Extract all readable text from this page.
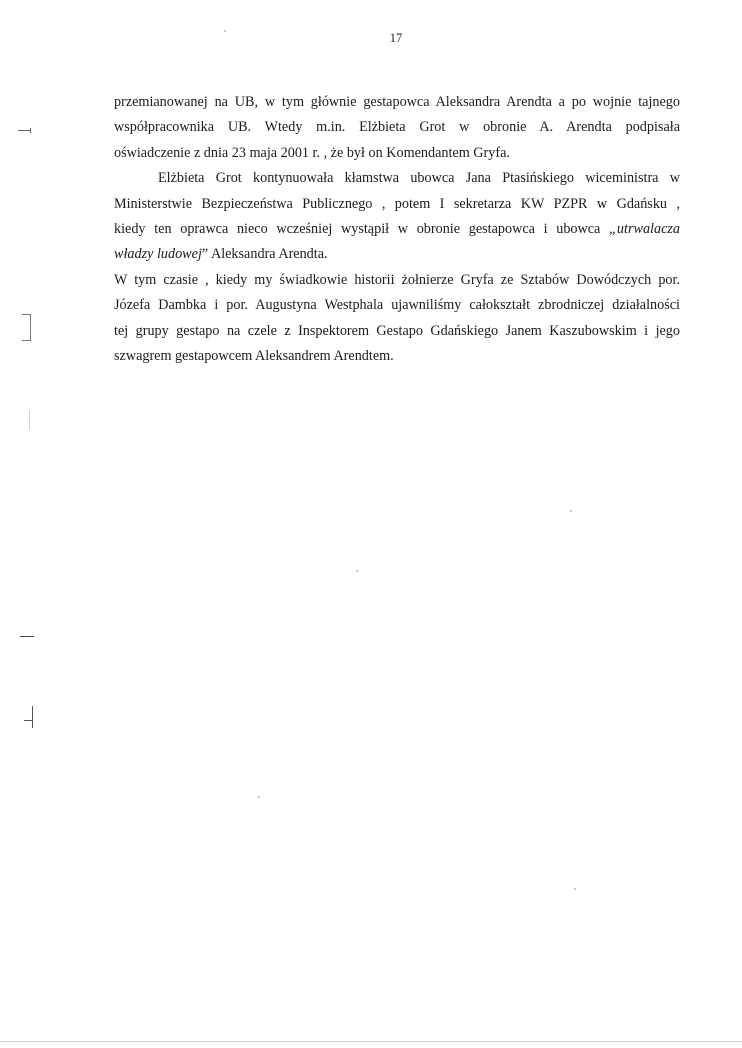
17
przemianowanej na UB, w tym głównie gestapowca Aleksandra Arendta a po wojnie tajnego
współpracownika UB. Wtedy m.in. Elżbieta Grot w obronie A. Arendta podpisała
oświadczenie z dnia 23 maja 2001 r. , że był on Komendantem Gryfa.
Elżbieta Grot kontynuowała kłamstwa ubowca Jana Ptasińskiego wiceministra w
Ministerstwie Bezpieczeństwa Publicznego , potem I sekretarza KW PZPR w Gdańsku ,
kiedy ten oprawca nieco wcześniej wystąpił w obronie gestapowca i ubowca „utrwalacza
władzy ludowej” Aleksandra Arendta.
W tym czasie , kiedy my świadkowie historii żołnierze Gryfa ze Sztabów Dowódczych por.
Józefa Dambka i por. Augustyna Westphala ujawniliśmy całokształt zbrodniczej działalności
tej grupy gestapo na czele z Inspektorem Gestapo Gdańskiego Janem Kaszubowskim i jego
szwagrem gestapowcem Aleksandrem Arendtem.
